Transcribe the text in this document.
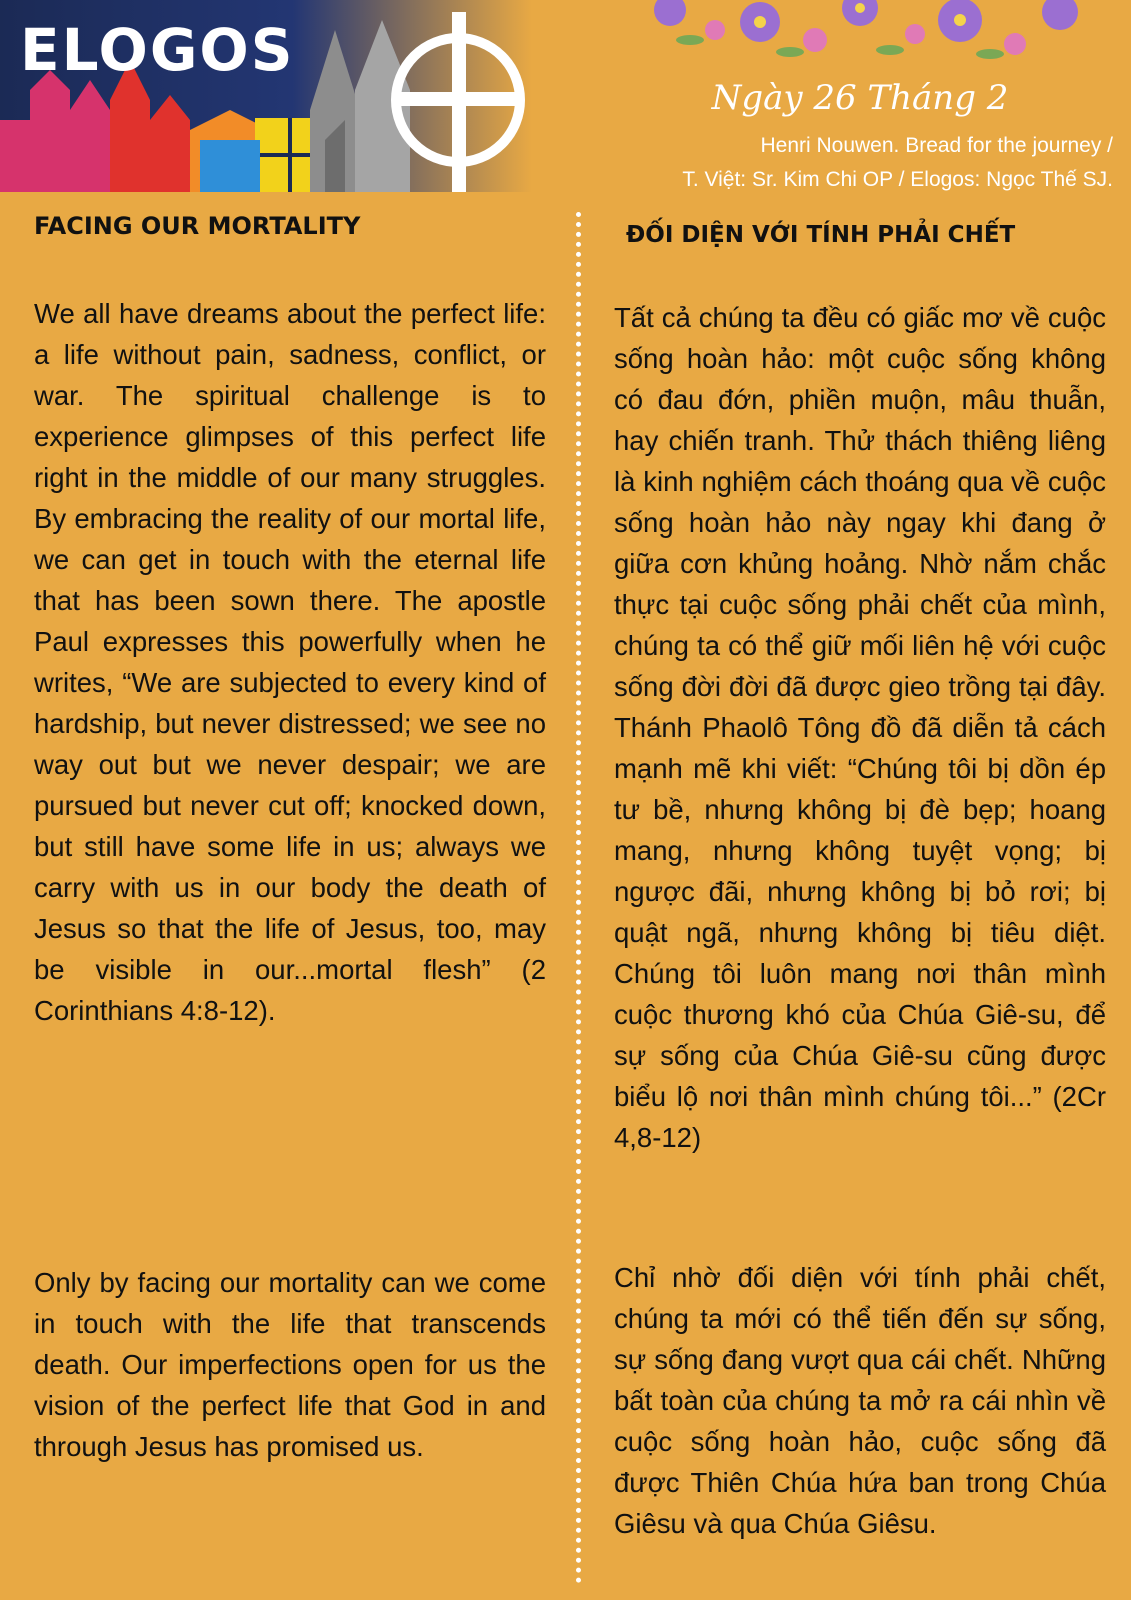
ELOGOS
Ngày 26 Tháng 2
Henri Nouwen. Bread for the journey /
T. Việt: Sr. Kim Chi OP / Elogos: Ngọc Thế SJ.
FACING OUR MORTALITY	ĐỐI DIỆN VỚI TÍNH PHẢI CHẾT

We all have dreams about the perfect life: a life without pain, sadness, conflict, or war. The spiritual challenge is to experience glimpses of this perfect life right in the middle of our many struggles. By embracing the reality of our mortal life, we can get in touch with the eternal life that has been sown there. The apostle Paul expresses this powerfully when he writes, “We are subjected to every kind of hardship, but never distressed; we see no way out but we never despair; we are pursued but never cut off; knocked down, but still have some life in us; always we carry with us in our body the death of Jesus so that the life of Jesus, too, may be visible in our...mortal flesh” (2 Corinthians 4:8-12).

Only by facing our mortality can we come in touch with the life that transcends death. Our imperfections open for us the vision of the perfect life that God in and through Jesus has promised us.

Tất cả chúng ta đều có giấc mơ về cuộc sống hoàn hảo: một cuộc sống không có đau đớn, phiền muộn, mâu thuẫn, hay chiến tranh. Thử thách thiêng liêng là kinh nghiệm cách thoáng qua về cuộc sống hoàn hảo này ngay khi đang ở giữa cơn khủng hoảng. Nhờ nắm chắc thực tại cuộc sống phải chết của mình, chúng ta có thể giữ mối liên hệ với cuộc sống đời đời đã được gieo trồng tại đây. Thánh Phaolô Tông đồ đã diễn tả cách mạnh mẽ khi viết: “Chúng tôi bị dồn ép tư bề, nhưng không bị đè bẹp; hoang mang, nhưng không tuyệt vọng; bị ngược đãi, nhưng không bị bỏ rơi; bị quật ngã, nhưng không bị tiêu diệt. Chúng tôi luôn mang nơi thân mình cuộc thương khó của Chúa Giê-su, để sự sống của Chúa Giê-su cũng được biểu lộ nơi thân mình chúng tôi...” (2Cr 4,8-12)

Chỉ nhờ đối diện với tính phải chết, chúng ta mới có thể tiến đến sự sống, sự sống đang vượt qua cái chết. Những bất toàn của chúng ta mở ra cái nhìn về cuộc sống hoàn hảo, cuộc sống đã được Thiên Chúa hứa ban trong Chúa Giêsu và qua Chúa Giêsu.
